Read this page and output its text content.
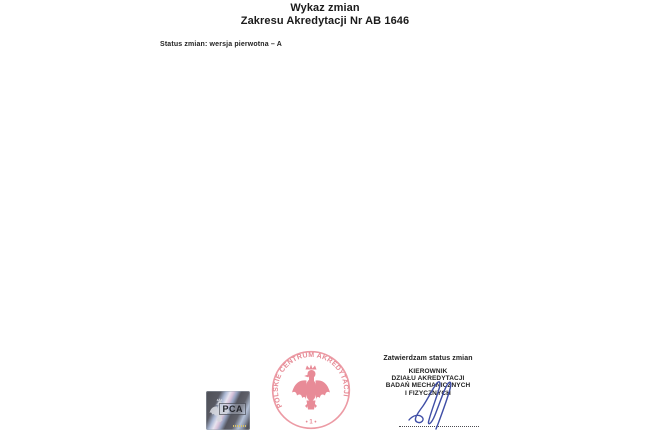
Wykaz zmian
Zakresu Akredytacji Nr AB 1646
Status zmian: wersja pierwotna – A
PCA	POLSKIE CENTRUM AKREDYTACJI
• 1 •
Zatwierdzam status zmian
KIEROWNIK
DZIAŁU AKREDYTACJI
BADAŃ MECHANICZNYCH
I FIZYCZNYCH
